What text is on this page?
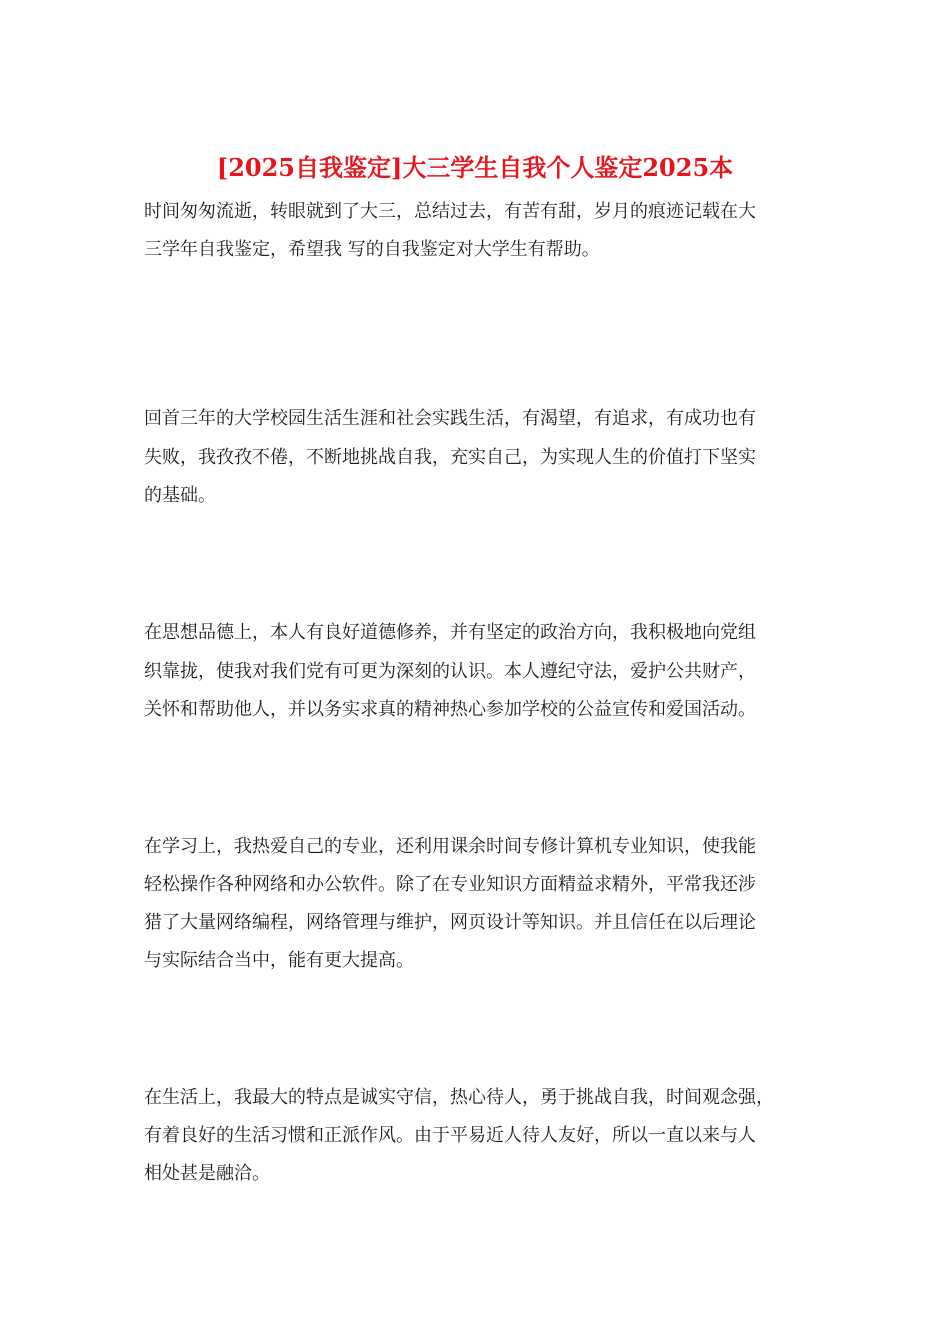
[2025自我鉴定]大三学生自我个人鉴定2025本
时间匆匆流逝，转眼就到了大三，总结过去，有苦有甜，岁月的痕迹记载在大
三学年自我鉴定，希望我 写的自我鉴定对大学生有帮助。
回首三年的大学校园生活生涯和社会实践生活，有渴望，有追求，有成功也有
失败，我孜孜不倦，不断地挑战自我，充实自己，为实现人生的价值打下坚实
的基础。
在思想品德上，本人有良好道德修养，并有坚定的政治方向，我积极地向党组
织靠拢，使我对我们党有可更为深刻的认识。本人遵纪守法，爱护公共财产，
关怀和帮助他人，并以务实求真的精神热心参加学校的公益宣传和爱国活动。
在学习上，我热爱自己的专业，还利用课余时间专修计算机专业知识，使我能
轻松操作各种网络和办公软件。除了在专业知识方面精益求精外，平常我还涉
猎了大量网络编程，网络管理与维护，网页设计等知识。并且信任在以后理论
与实际结合当中，能有更大提高。
在生活上，我最大的特点是诚实守信，热心待人，勇于挑战自我，时间观念强，
有着良好的生活习惯和正派作风。由于平易近人待人友好，所以一直以来与人
相处甚是融洽。
